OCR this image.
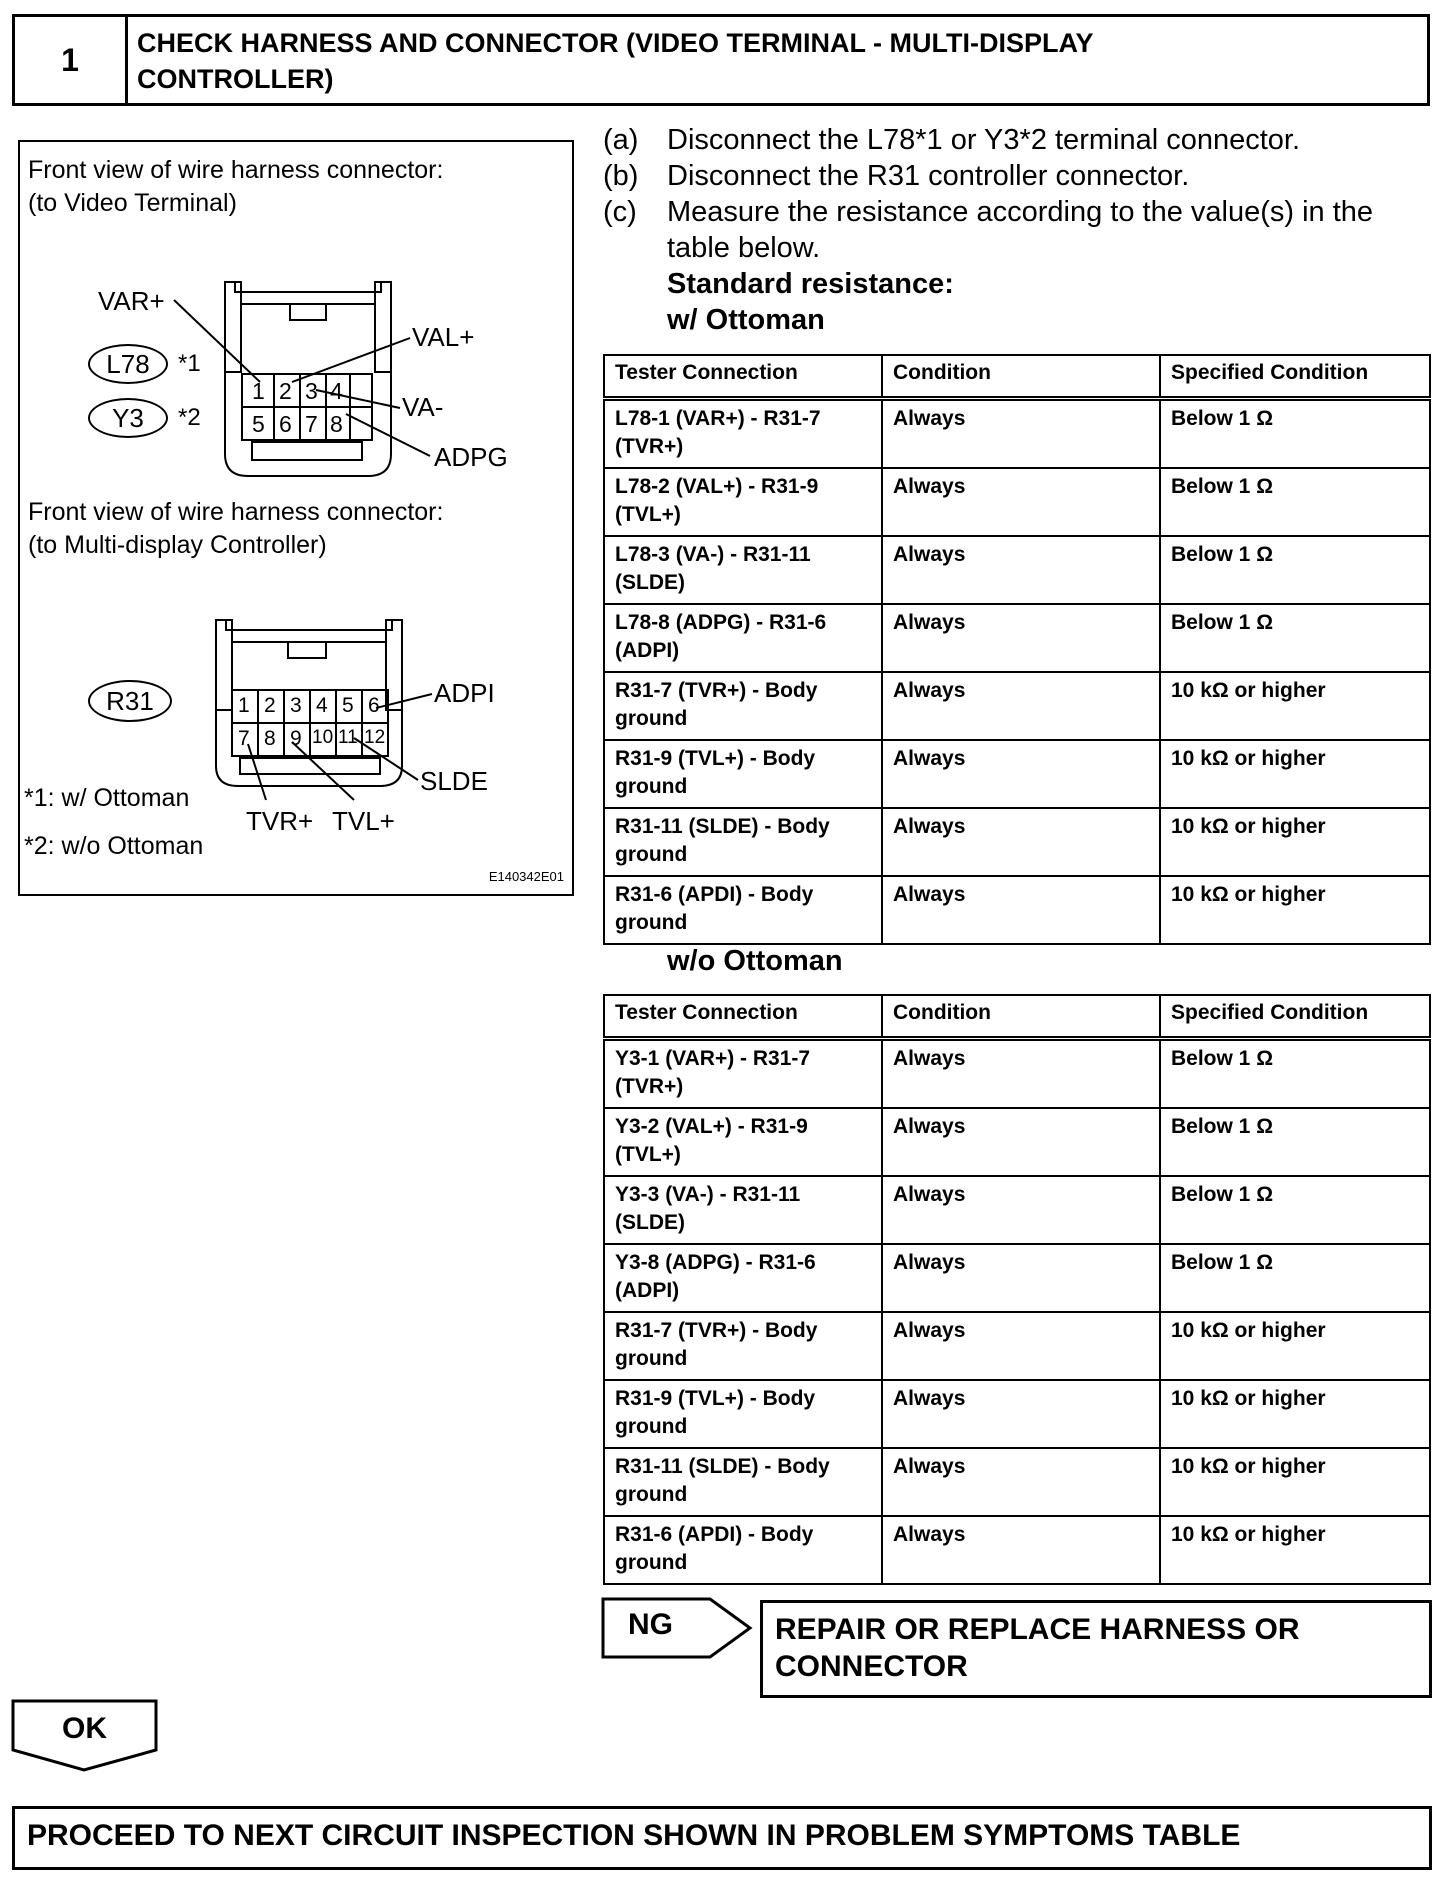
1	CHECK HARNESS AND CONNECTOR (VIDEO TERMINAL - MULTI-DISPLAY
CONTROLLER)
Front view of wire harness connector:
(to Video Terminal)
1 2 3 4
5 6 7 8
VAR+
VAL+
VA-
ADPG
L78	*1
Y3	*2
Front view of wire harness connector:
(to Multi-display Controller)
1 2 3 4 5 6
7 8 9 10 11 12
R31	ADPI
SLDE
TVR+ TVL+
*1: w/ Ottoman
*2: w/o Ottoman
E140342E01
(a) Disconnect the L78*1 or Y3*2 terminal connector.
(b) Disconnect the R31 controller connector.
(c)	Measure the resistance according to the value(s) in the table below.
Standard resistance:
w/ Ottoman
Tester Connection	Condition	Specified Condition
L78-1 (VAR+) - R31-7 (TVR+)	Always	Below 1 Ω
L78-2 (VAL+) - R31-9 (TVL+)	Always	Below 1 Ω
L78-3 (VA-) - R31-11 (SLDE)	Always	Below 1 Ω
L78-8 (ADPG) - R31-6 (ADPI)	Always	Below 1 Ω
R31-7 (TVR+) - Body ground	Always	10 kΩ or higher
R31-9 (TVL+) - Body ground	Always	10 kΩ or higher
R31-11 (SLDE) - Body ground	Always	10 kΩ or higher
R31-6 (APDI) - Body ground	Always	10 kΩ or higher
w/o Ottoman
Tester Connection	Condition	Specified Condition
Y3-1 (VAR+) - R31-7 (TVR+)	Always	Below 1 Ω
Y3-2 (VAL+) - R31-9 (TVL+)	Always	Below 1 Ω
Y3-3 (VA-) - R31-11 (SLDE)	Always	Below 1 Ω
Y3-8 (ADPG) - R31-6 (ADPI)	Always	Below 1 Ω
R31-7 (TVR+) - Body ground	Always	10 kΩ or higher
R31-9 (TVL+) - Body ground	Always	10 kΩ or higher
R31-11 (SLDE) - Body ground	Always	10 kΩ or higher
R31-6 (APDI) - Body ground	Always	10 kΩ or higher
NG	REPAIR OR REPLACE HARNESS OR
CONNECTOR
OK
PROCEED TO NEXT CIRCUIT INSPECTION SHOWN IN PROBLEM SYMPTOMS TABLE
